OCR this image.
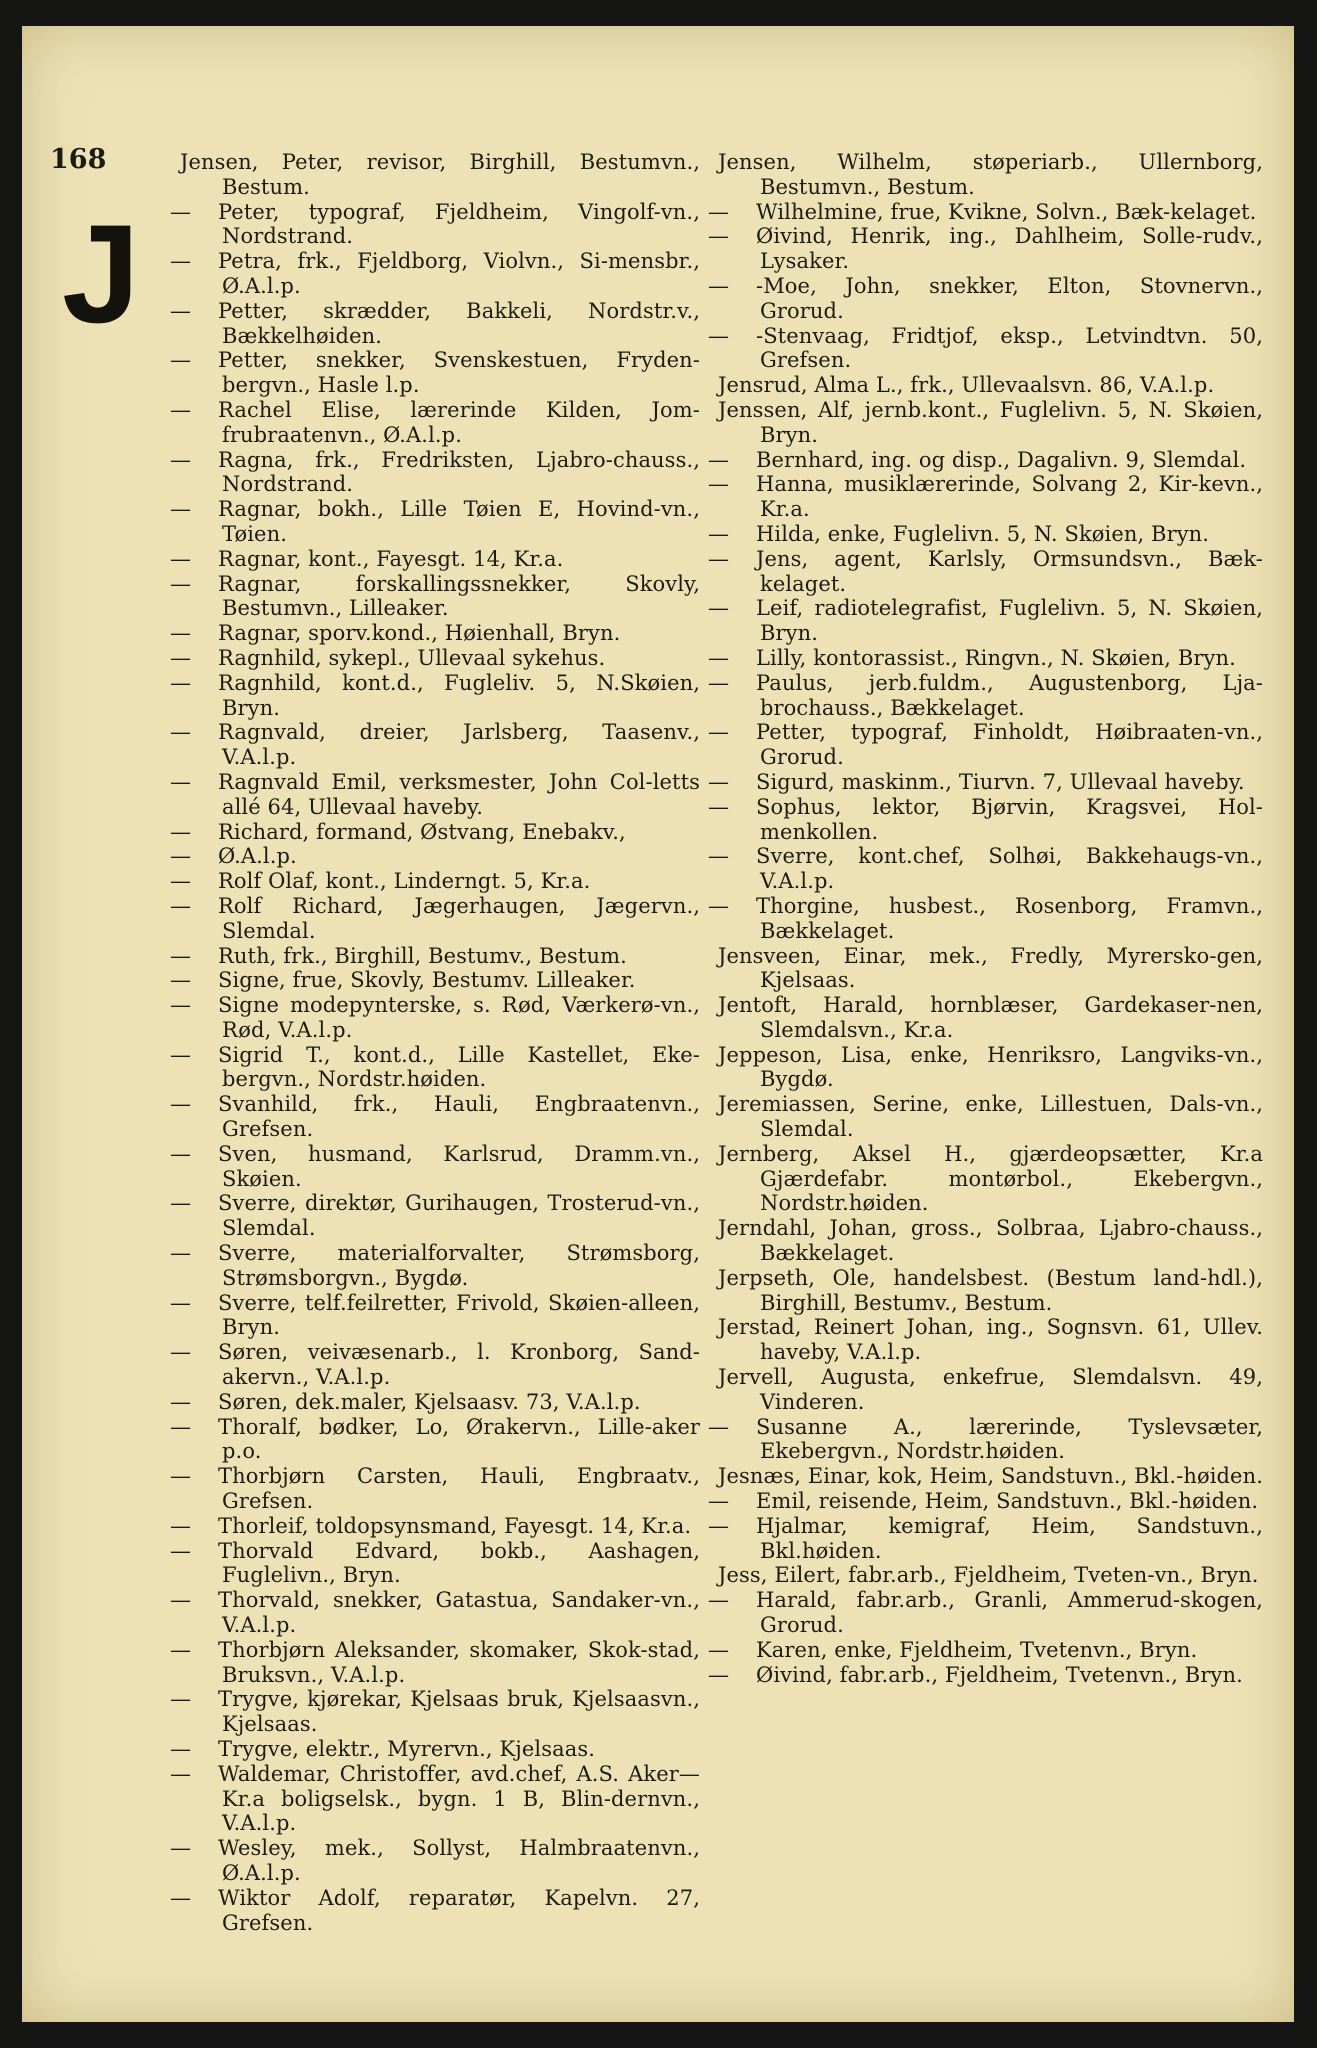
168
J
Jensen, Peter, revisor, Birghill, Bestumvn., Bestum.
— Peter, typograf, Fjeldheim, Vingolf-vn., Nordstrand.
— Petra, frk., Fjeldborg, Violvn., Si-mensbr., Ø.A.l.p.
— Petter, skrædder, Bakkeli, Nordstr.v., Bækkelhøiden.
— Petter, snekker, Svenskestuen, Fryden-bergvn., Hasle l.p.
— Rachel Elise, lærerinde Kilden, Jom-frubraatenvn., Ø.A.l.p.
— Ragna, frk., Fredriksten, Ljabro-chauss., Nordstrand.
— Ragnar, bokh., Lille Tøien E, Hovind-vn., Tøien.
— Ragnar, kont., Fayesgt. 14, Kr.a.
— Ragnar, forskallingssnekker, Skovly, Bestumvn., Lilleaker.
— Ragnar, sporv.kond., Høienhall, Bryn.
— Ragnhild, sykepl., Ullevaal sykehus.
— Ragnhild, kont.d., Fugleliv. 5, N.Skøien, Bryn.
— Ragnvald, dreier, Jarlsberg, Taasenv., V.A.l.p.
— Ragnvald Emil, verksmester, John Col-letts allé 64, Ullevaal haveby.
— Richard, formand, Østvang, Enebakv.,
— Ø.A.l.p.
— Rolf Olaf, kont., Linderngt. 5, Kr.a.
— Rolf Richard, Jægerhaugen, Jægervn., Slemdal.
— Ruth, frk., Birghill, Bestumv., Bestum.
— Signe, frue, Skovly, Bestumv. Lilleaker.
— Signe modepynterske, s. Rød, Værkerø-vn., Rød, V.A.l.p.
— Sigrid T., kont.d., Lille Kastellet, Eke-bergvn., Nordstr.høiden.
— Svanhild, frk., Hauli, Engbraatenvn., Grefsen.
— Sven, husmand, Karlsrud, Dramm.vn., Skøien.
— Sverre, direktør, Gurihaugen, Trosterud-vn., Slemdal.
— Sverre, materialforvalter, Strømsborg, Strømsborgvn., Bygdø.
— Sverre, telf.feilretter, Frivold, Skøien-alleen, Bryn.
— Søren, veivæsenarb., l. Kronborg, Sand-akervn., V.A.l.p.
— Søren, dek.maler, Kjelsaasv. 73, V.A.l.p.
— Thoralf, bødker, Lo, Ørakervn., Lille-aker p.o.
— Thorbjørn Carsten, Hauli, Engbraatv., Grefsen.
— Thorleif, toldopsynsmand, Fayesgt. 14, Kr.a.
— Thorvald Edvard, bokb., Aashagen, Fuglelivn., Bryn.
— Thorvald, snekker, Gatastua, Sandaker-vn., V.A.l.p.
— Thorbjørn Aleksander, skomaker, Skok-stad, Bruksvn., V.A.l.p.
— Trygve, kjørekar, Kjelsaas bruk, Kjelsaasvn., Kjelsaas.
— Trygve, elektr., Myrervn., Kjelsaas.
— Waldemar, Christoffer, avd.chef, A.S. Aker—Kr.a boligselsk., bygn. 1 B, Blin-dernvn., V.A.l.p.
— Wesley, mek., Sollyst, Halmbraatenvn., Ø.A.l.p.
— Wiktor Adolf, reparatør, Kapelvn. 27, Grefsen.
Jensen, Wilhelm, støperiarb., Ullernborg, Bestumvn., Bestum.
— Wilhelmine, frue, Kvikne, Solvn., Bæk-kelaget.
— Øivind, Henrik, ing., Dahlheim, Solle-rudv., Lysaker.
— -Moe, John, snekker, Elton, Stovnervn., Grorud.
— -Stenvaag, Fridtjof, eksp., Letvindtvn. 50, Grefsen.
Jensrud, Alma L., frk., Ullevaalsvn. 86, V.A.l.p.
Jenssen, Alf, jernb.kont., Fuglelivn. 5, N. Skøien, Bryn.
— Bernhard, ing. og disp., Dagalivn. 9, Slemdal.
— Hanna, musiklærerinde, Solvang 2, Kir-kevn., Kr.a.
— Hilda, enke, Fuglelivn. 5, N. Skøien, Bryn.
— Jens, agent, Karlsly, Ormsundsvn., Bæk-kelaget.
— Leif, radiotelegrafist, Fuglelivn. 5, N. Skøien, Bryn.
— Lilly, kontorassist., Ringvn., N. Skøien, Bryn.
— Paulus, jerb.fuldm., Augustenborg, Lja-brochauss., Bækkelaget.
— Petter, typograf, Finholdt, Høibraaten-vn., Grorud.
— Sigurd, maskinm., Tiurvn. 7, Ullevaal haveby.
— Sophus, lektor, Bjørvin, Kragsvei, Hol-menkollen.
— Sverre, kont.chef, Solhøi, Bakkehaugs-vn., V.A.l.p.
— Thorgine, husbest., Rosenborg, Framvn., Bækkelaget.
Jensveen, Einar, mek., Fredly, Myrersko-gen, Kjelsaas.
Jentoft, Harald, hornblæser, Gardekaser-nen, Slemdalsvn., Kr.a.
Jeppeson, Lisa, enke, Henriksro, Langviks-vn., Bygdø.
Jeremiassen, Serine, enke, Lillestuen, Dals-vn., Slemdal.
Jernberg, Aksel H., gjærdeopsætter, Kr.a Gjærdefabr. montørbol., Ekebergvn., Nordstr.høiden.
Jerndahl, Johan, gross., Solbraa, Ljabro-chauss., Bækkelaget.
Jerpseth, Ole, handelsbest. (Bestum land-hdl.), Birghill, Bestumv., Bestum.
Jerstad, Reinert Johan, ing., Sognsvn. 61, Ullev. haveby, V.A.l.p.
Jervell, Augusta, enkefrue, Slemdalsvn. 49, Vinderen.
— Susanne A., lærerinde, Tyslevsæter, Ekebergvn., Nordstr.høiden.
Jesnæs, Einar, kok, Heim, Sandstuvn., Bkl.-høiden.
— Emil, reisende, Heim, Sandstuvn., Bkl.-høiden.
— Hjalmar, kemigraf, Heim, Sandstuvn., Bkl.høiden.
Jess, Eilert, fabr.arb., Fjeldheim, Tveten-vn., Bryn.
— Harald, fabr.arb., Granli, Ammerud-skogen, Grorud.
— Karen, enke, Fjeldheim, Tvetenvn., Bryn.
— Øivind, fabr.arb., Fjeldheim, Tvetenvn., Bryn.
